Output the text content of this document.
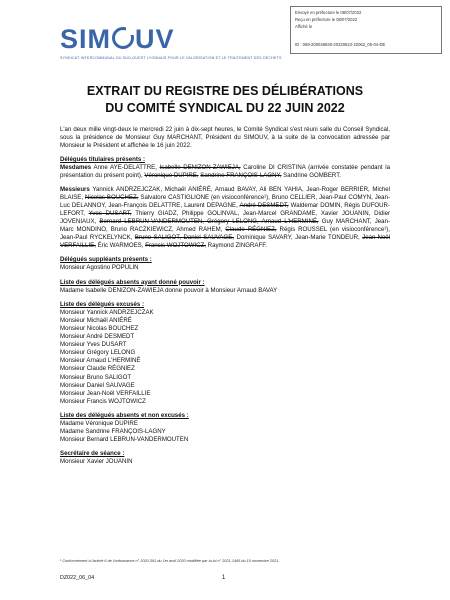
Envoyé en préfecture le 08/07/2022
Reçu en préfecture le 08/07/2022
Affiché le
ID : 069-200046930-20220622-22062_05-04-DE
SIM UV
SYNDICAT INTERCOMMUNAL DU SUD-OUEST LYONNAIS POUR LE VALORISATION ET LE TRAITEMENT DES DÉCHETS
EXTRAIT DU REGISTRE DES DÉLIBÉRATIONS
DU COMITÉ SYNDICAL DU 22 JUIN 2022

L'an deux mille vingt-deux le mercredi 22 juin à dix-sept heures, le Comité Syndical s'est réuni salle du Conseil Syndical, sous la présidence de Monsieur Guy MARCHANT, Président du SIMOUV, à la suite de la convocation adressée par Monsieur le Président et affichée le 16 juin 2022.

Délégués titulaires présents :
Mesdames Anne AYE-DELATTRE, Isabelle DENIZON-ZAWIEJA, Caroline DI CRISTINA (arrivée constatée pendant la présentation du présent point), Véronique DUPIRE, Sandrine FRANÇOIS-LAGNY, Sandrine GOMBERT.
Messieurs Yannick ANDRZEJCZAK, Michaël ANIÉRÉ, Arnaud BAVAY, Ali BEN YAHIA, Jean-Roger BERRIER, Michel BLAISE, Nicolas BOUCHEZ, Salvatore CASTIGLIONE (en visioconférence¹), Bruno CELLIER, Jean-Paul COMYN, Jean-Luc DELANNOY, Jean-François DELATTRE, Laurent DEPAGNE, André DESMEDT, Waldemar DOMIN, Régis DUFOUR-LEFORT, Yves DUSART, Thierry GIADZ, Philippe GOLINVAL, Jean-Marcel GRANDAME, Xavier JOUANIN, Didier JOVENIAUX, Bernard LEBRUN-VANDERMOUTEN, Grégory LELONG, Arnaud L'HERMINÉ, Guy MARCHANT, Jean-Marc MONDINO, Bruno RACZKIEWICZ, Ahmed RAHEM, Claude RÉGNIEZ, Régis ROUSSEL (en visioconférence¹), Jean-Paul RYCKELYNCK, Bruno SALIGOT, Daniel SAUVAGE, Dominique SAVARY, Jean-Marie TONDEUR, Jean-Noël VERFAILLIE, Éric WARMOES, Francis WOJTOWICZ, Raymond ZINGRAFF.
Délégués suppléants présents :
Monsieur Agostino POPULIN
Liste des délégués absents ayant donné pouvoir :
Madame Isabelle DENIZON-ZAWIEJA donne pouvoir à Monsieur Arnaud BAVAY
Liste des délégués excusés :
Monsieur Yannick ANDRZEJCZAK
Monsieur Michaël ANIÉRÉ
Monsieur Nicolas BOUCHEZ
Monsieur André DESMEDT
Monsieur Yves DUSART
Monsieur Grégory LELONG
Monsieur Arnaud L'HERMINÉ
Monsieur Claude RÉGNIEZ
Monsieur Bruno SALIGOT
Monsieur Daniel SAUVAGE
Monsieur Jean-Noël VERFAILLIE
Monsieur Francis WOJTOWICZ
Liste des délégués absents et non excusés :
Madame Véronique DUPIRE
Madame Sandrine FRANÇOIS-LAGNY
Monsieur Bernard LEBRUN-VANDERMOUTEN
Secrétaire de séance :
Monsieur Xavier JOUANIN
¹ Conformément à l'article 6 de l'ordonnance n° 2020-391 du 1er avril 2020 modifiée par la loi n° 2021-1465 du 10 novembre 2021.
DZ022_06_04	1
